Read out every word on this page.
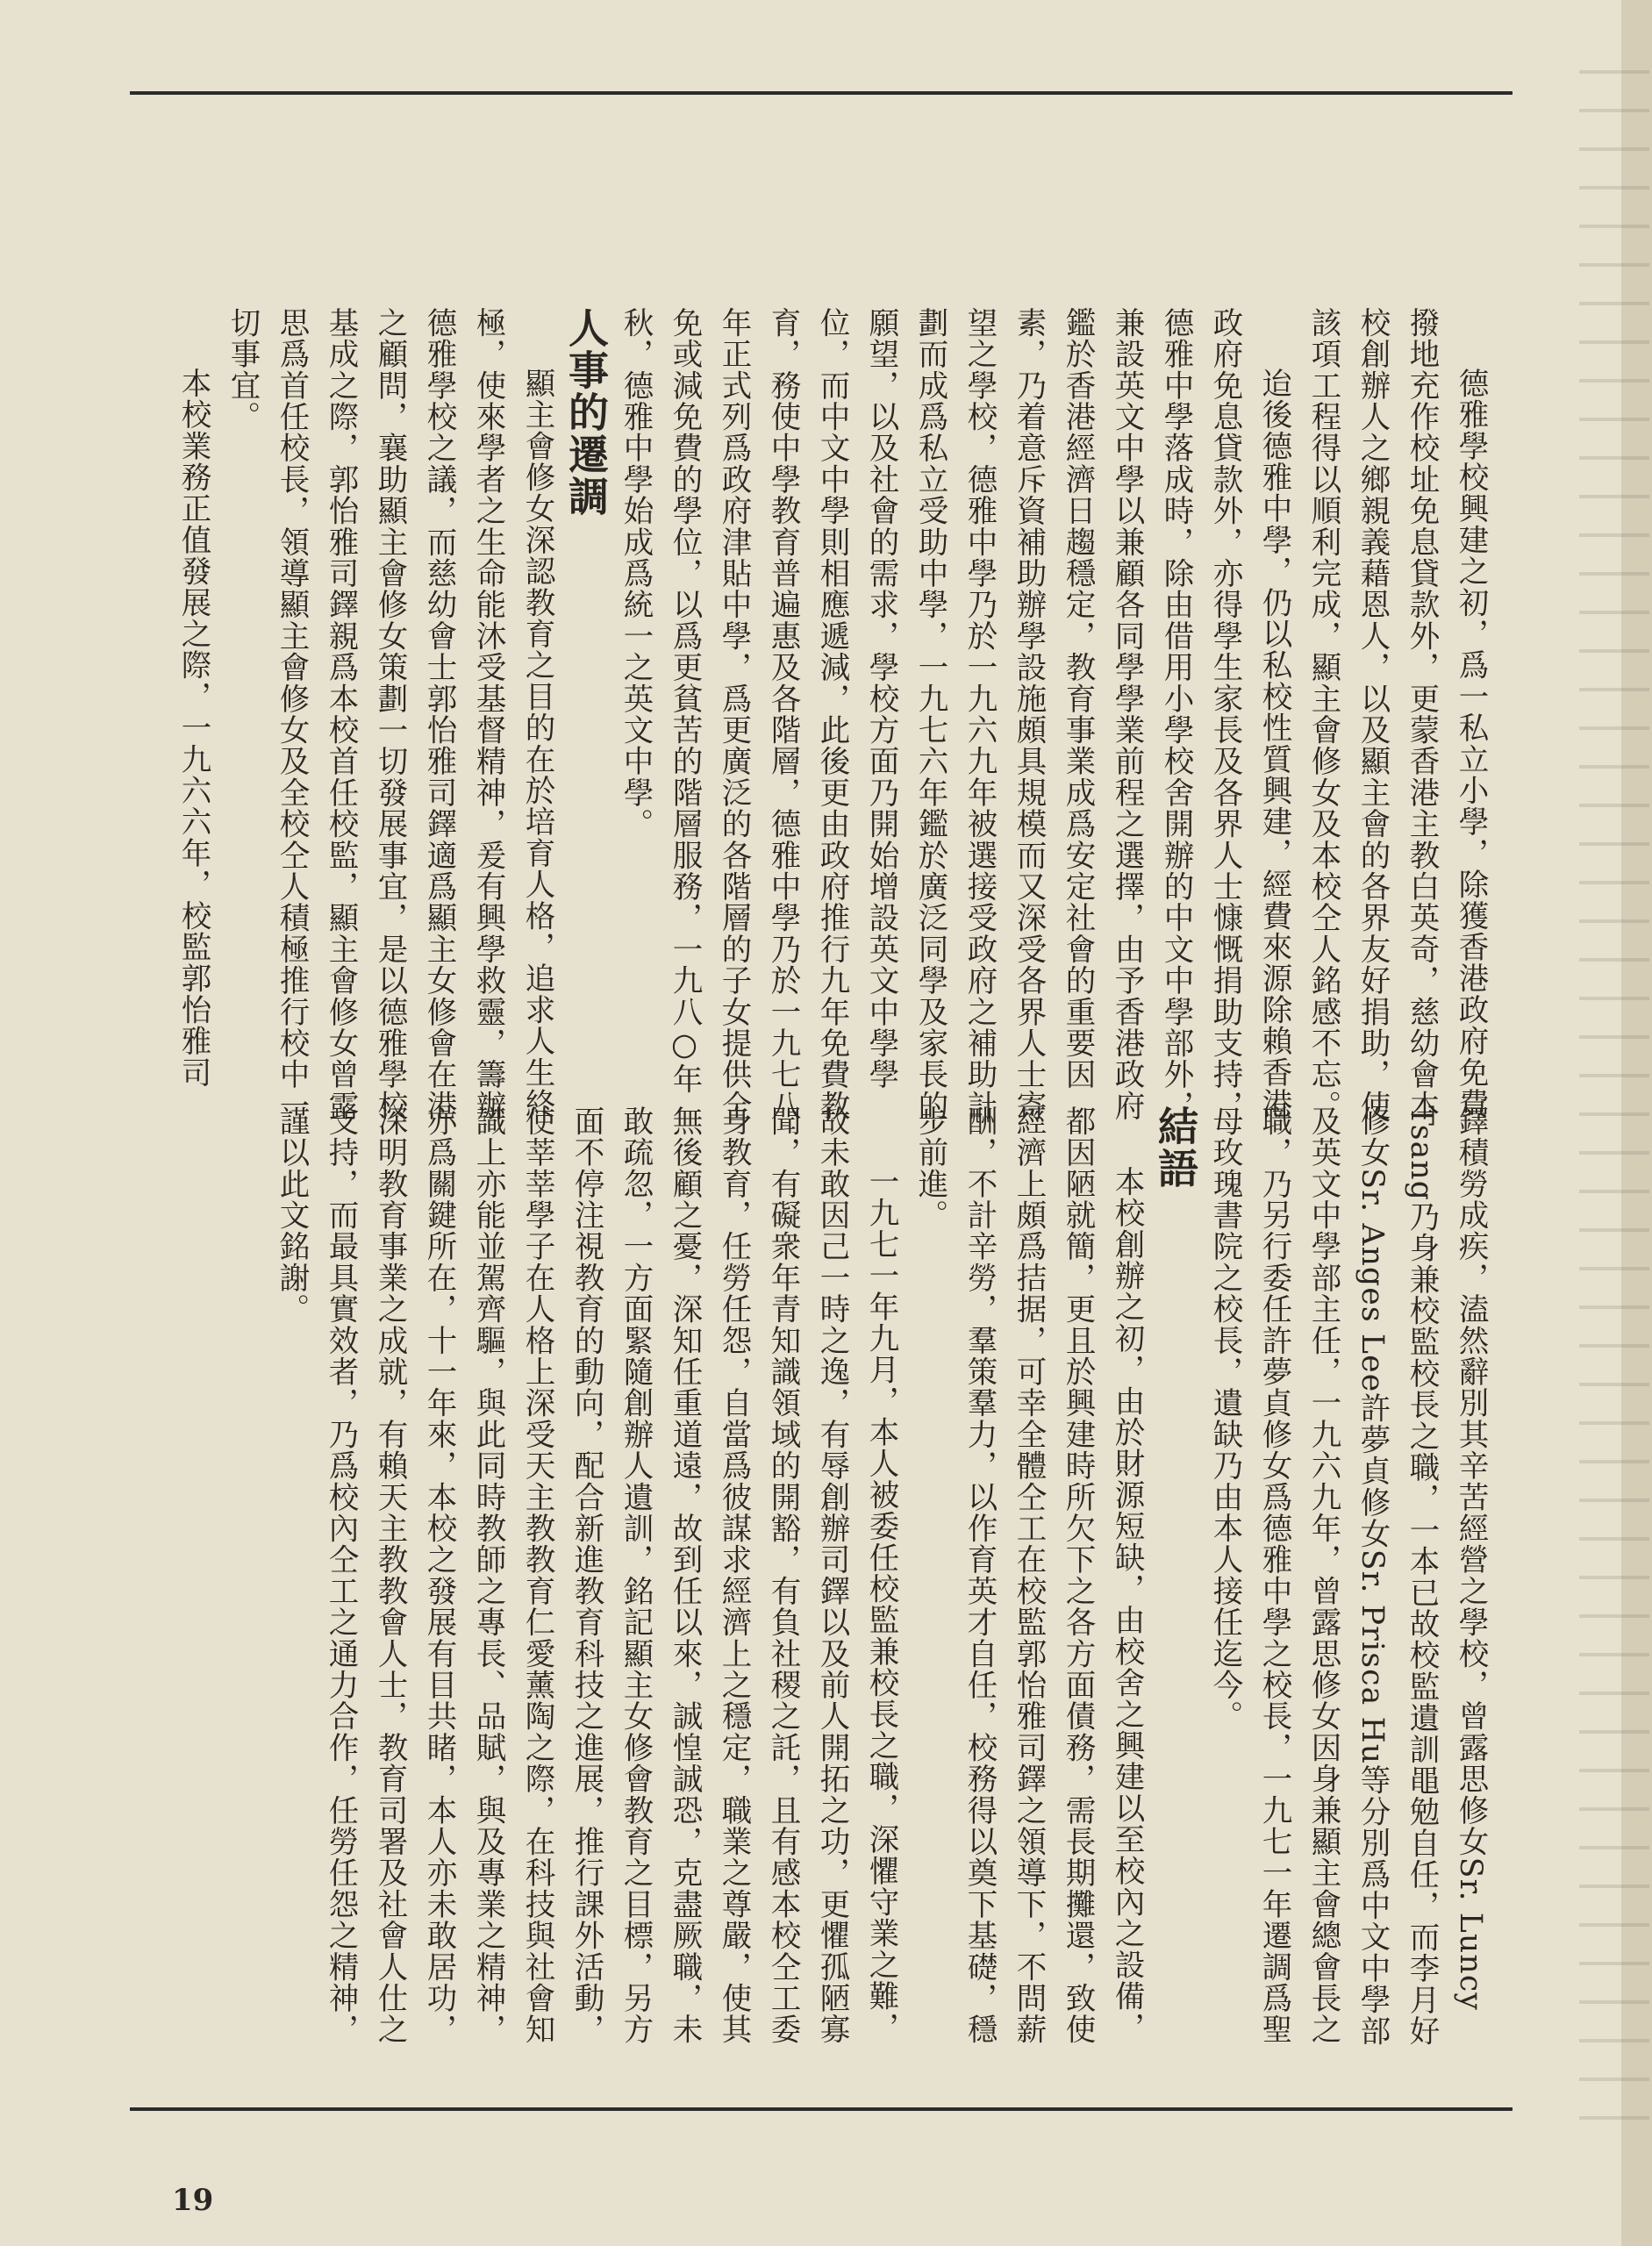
德雅學校興建之初，爲一私立小學，除獲香港政府免費撥地充作校址免息貸款外，更蒙香港主教白英奇，慈幼會本校創辦人之鄉親義藉恩人，以及顯主會的各界友好捐助，使該項工程得以順利完成，顯主會修女及本校仝人銘感不忘。

迨後德雅中學，仍以私校性質興建，經費來源除賴香港政府免息貸款外，亦得學生家長及各界人士慷慨捐助支持，德雅中學落成時，除由借用小學校舍開辦的中文中學部外，兼設英文中學以兼顧各同學學業前程之選擇，由予香港政府鑑於香港經濟日趨穩定，教育事業成爲安定社會的重要因素，乃着意斥資補助辦學設施頗具規模而又深受各界人士寄望之學校，德雅中學乃於一九六九年被選接受政府之補助計劃而成爲私立受助中學，一九七六年鑑於廣泛同學及家長的願望，以及社會的需求，學校方面乃開始增設英文中學學位，而中文中學則相應遞減，此後更由政府推行九年免費教育，務使中學教育普遍惠及各階層，德雅中學乃於一九七八年正式列爲政府津貼中學，爲更廣泛的各階層的子女提供全免或減免費的學位，以爲更貧苦的階層服務，一九八○年秋，德雅中學始成爲統一之英文中學。

人事的遷調

顯主會修女深認教育之目的在於培育人格，追求人生終極，使來學者之生命能沐受基督精神，爰有興學救靈，籌辦德雅學校之議，而慈幼會士郭怡雅司鐸適爲顯主女修會在港之顧問，襄助顯主會修女策劃一切發展事宜，是以德雅學校基成之際，郭怡雅司鐸親爲本校首任校監，顯主會修女曾露思爲首任校長，領導顯主會修女及全校仝人積極推行校中一切事宜。

本校業務正值發展之際，一九六六年，校監郭怡雅司

鐸積勞成疾，溘然辭別其辛苦經營之學校，曾露思修女Sr. Luncy Tsang乃身兼校監校長之職，一本已故校監遺訓黽勉自任，而李月好修女Sr. Anges Lee許夢貞修女Sr. Prisca Hu等分別爲中文中學部及英文中學部主任，一九六九年，曾露思修女因身兼顯主會總會長之職，乃另行委任許夢貞修女爲德雅中學之校長，一九七一年遷調爲聖母玫瑰書院之校長，遺缺乃由本人接任迄今。

結語

本校創辦之初，由於財源短缺，由校舍之興建以至校內之設備，都因陋就簡，更且於興建時所欠下之各方面債務，需長期攤還，致使經濟上頗爲拮据，可幸全體仝工在校監郭怡雅司鐸之領導下，不問薪酬，不計辛勞，羣策羣力，以作育英才自任，校務得以奠下基礎，穩步前進。

一九七一年九月，本人被委任校監兼校長之職，深懼守業之難，故未敢因己一時之逸，有辱創辦司鐸以及前人開拓之功，更懼孤陋寡聞，有礙衆年青知識領域的開豁，有負社稷之託，且有感本校仝工委身教育，任勞任怨，自當爲彼謀求經濟上之穩定，職業之尊嚴，使其無後顧之憂，深知任重道遠，故到任以來，誠惶誠恐，克盡厥職，未敢疏忽，一方面緊隨創辦人遺訓，銘記顯主女修會教育之目標，另方面不停注視教育的動向，配合新進教育科技之進展，推行課外活動，使莘莘學子在人格上深受天主教教育仁愛薰陶之際，在科技與社會知識上亦能並駕齊驅，與此同時教師之專長、品賦，與及專業之精神，亦爲關鍵所在，十一年來，本校之發展有目共睹，本人亦未敢居功，深明教育事業之成就，有賴天主教教會人士，教育司署及社會人仕之支持，而最具實效者，乃爲校內仝工之通力合作，任勞任怨之精神，謹以此文銘謝。

19
